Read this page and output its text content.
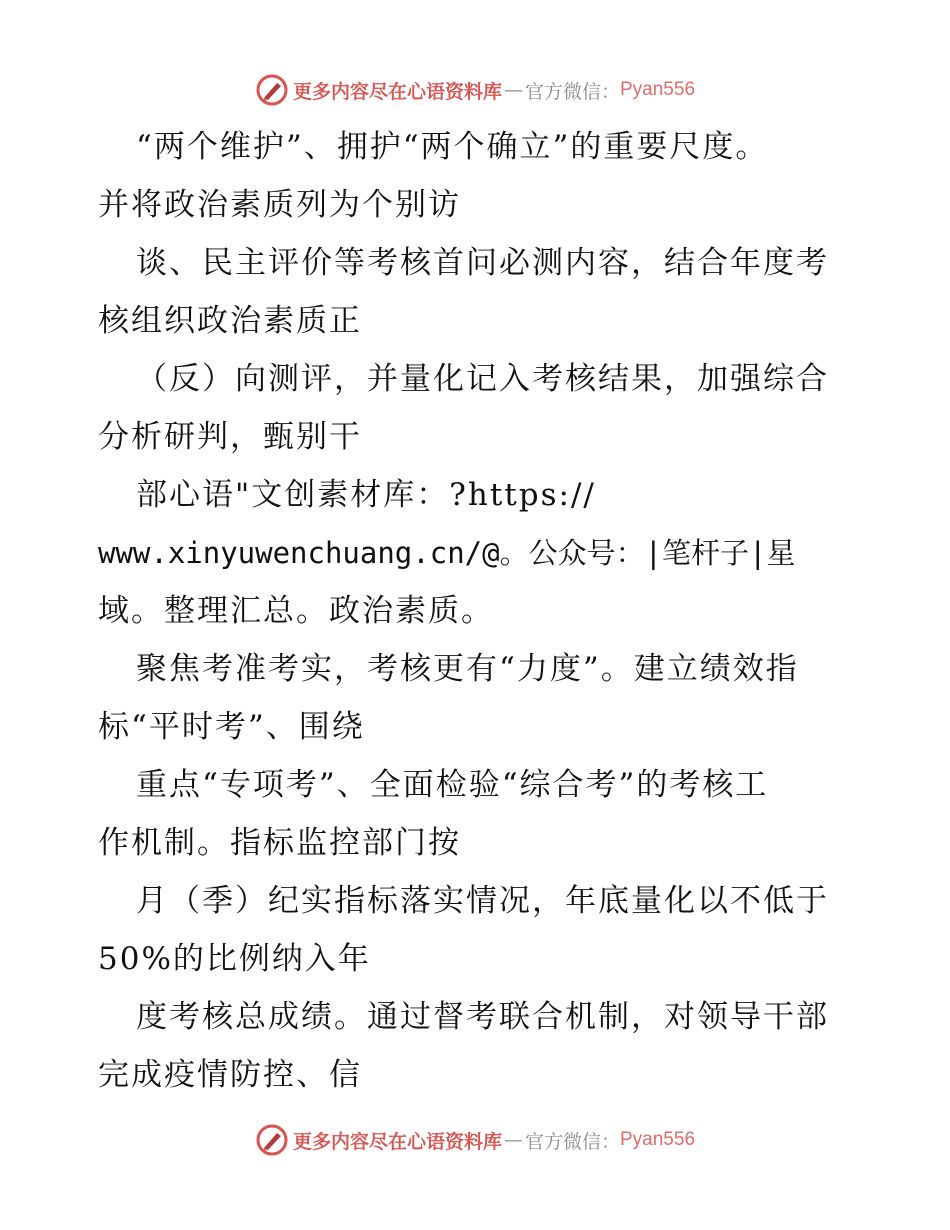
更多内容尽在心语资料库 — 官方微信： Pyan556
“两个维护”、拥护“两个确立”的重要尺度。
并将政治素质列为个别访
谈、民主评价等考核首问必测内容，结合年度考
核组织政治素质正
（反）向测评，并量化记入考核结果，加强综合
分析研判，甄别干
部心语"文创素材库：?https://
www.xinyuwenchuang.cn/@。公众号：|笔杆子|星
域。整理汇总。政治素质。
聚焦考准考实，考核更有“力度”。建立绩效指
标“平时考”、围绕
重点“专项考”、全面检验“综合考”的考核工
作机制。指标监控部门按
月（季）纪实指标落实情况，年底量化以不低于
50%的比例纳入年
度考核总成绩。通过督考联合机制，对领导干部
完成疫情防控、信
更多内容尽在心语资料库 — 官方微信： Pyan556
